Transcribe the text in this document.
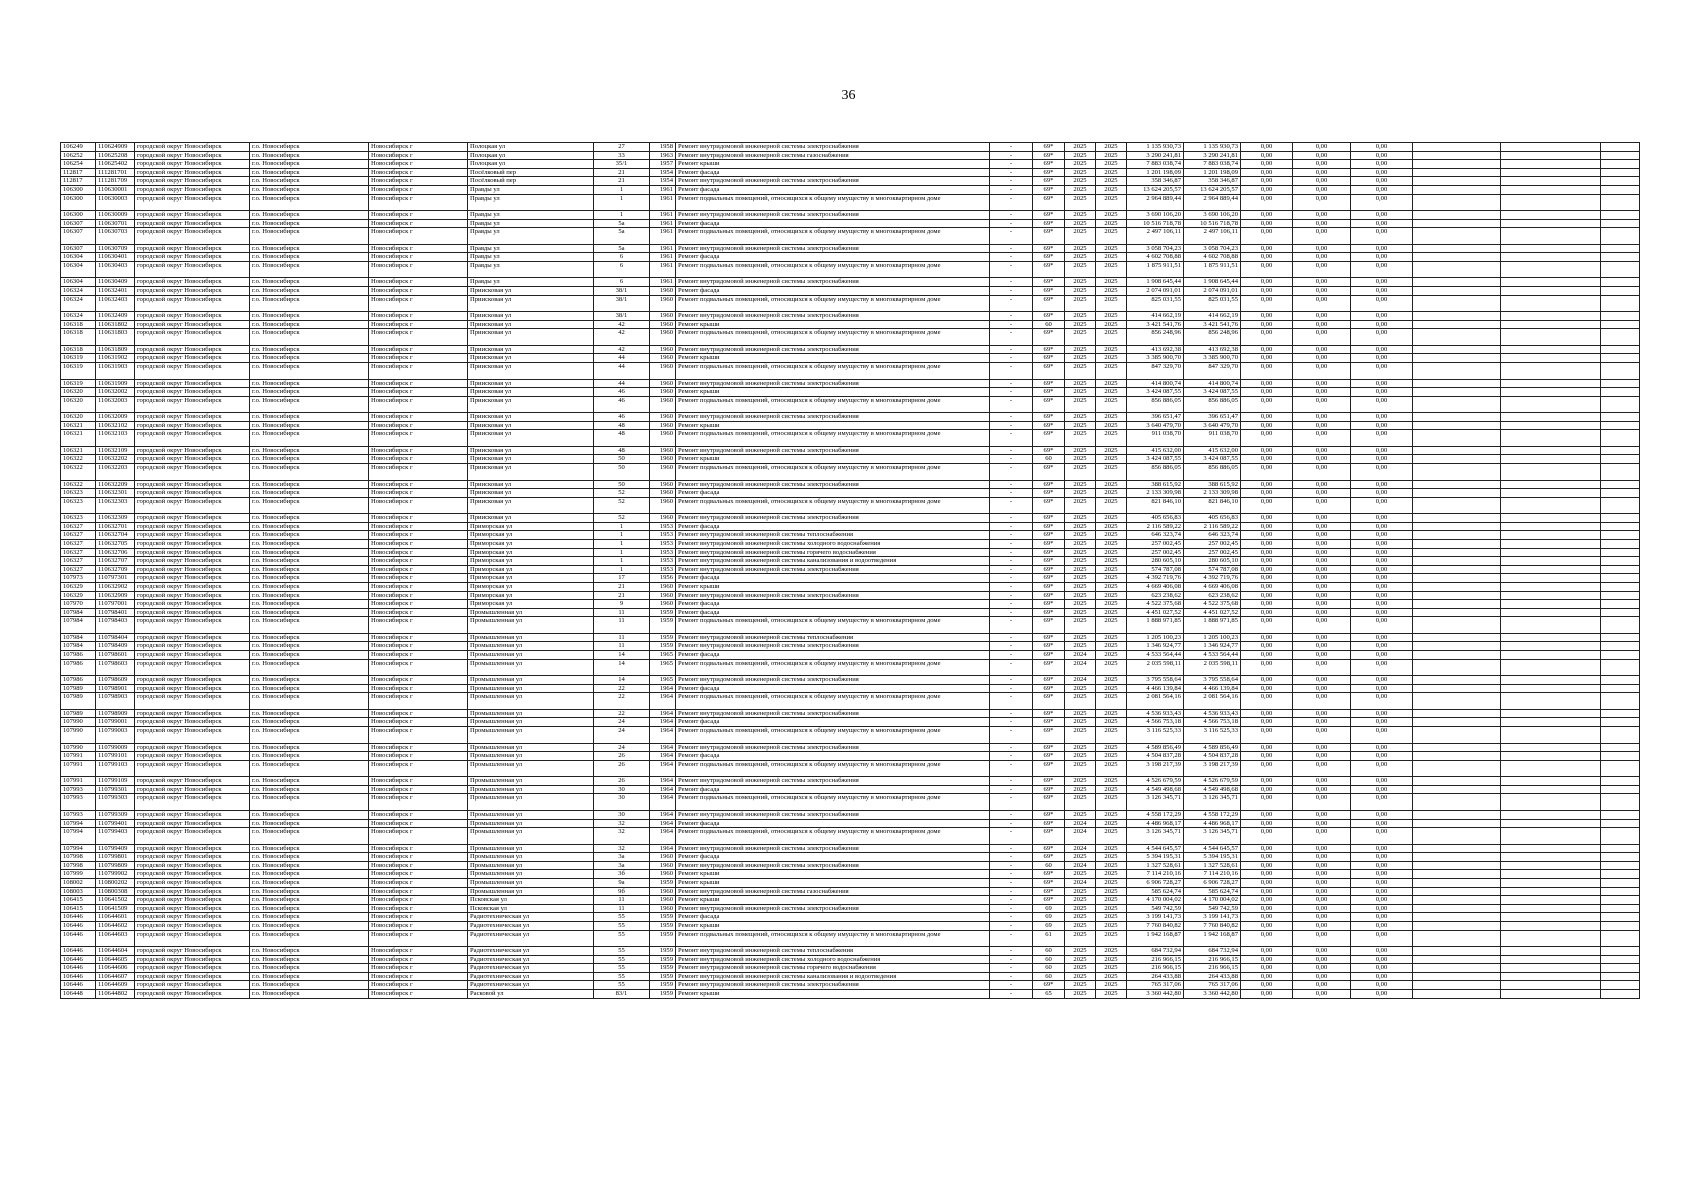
36
106249	110624909	городской округ Новосибирск	г.о. Новосибирск	Новосибирск г	Полоцкая ул	27	1958	Ремонт внутридомовой инженерной системы электроснабжения	-	69*	2025	2025	1 135 930,73	1 135 930,73	0,00	0,00	0,00			
106252	110625208	городской округ Новосибирск	г.о. Новосибирск	Новосибирск г	Полоцкая ул	33	1963	Ремонт внутридомовой инженерной системы газоснабжения	-	69*	2025	2025	3 290 241,81	3 290 241,81	0,00	0,00	0,00			
106254	110625402	городской округ Новосибирск	г.о. Новосибирск	Новосибирск г	Полоцкая ул	35/1	1957	Ремонт крыши	-	69*	2025	2025	7 883 038,74	7 883 038,74	0,00	0,00	0,00			
112817	111281701	городской округ Новосибирск	г.о. Новосибирск	Новосибирск г	Посёлковый пер	21	1954	Ремонт фасада	-	69*	2025	2025	1 201 198,09	1 201 198,09	0,00	0,00	0,00			
112817	111281709	городской округ Новосибирск	г.о. Новосибирск	Новосибирск г	Посёлковый пер	21	1954	Ремонт внутридомовой инженерной системы электроснабжения	-	69*	2025	2025	358 346,87	358 346,87	0,00	0,00	0,00			
106300	110630001	городской округ Новосибирск	г.о. Новосибирск	Новосибирск г	Правды ул	1	1961	Ремонт фасада	-	69*	2025	2025	13 624 205,57	13 624 205,57	0,00	0,00	0,00			
106300	110630003	городской округ Новосибирск	г.о. Новосибирск	Новосибирск г	Правды ул	1	1961	Ремонт подвальных помещений, относящихся к общему имуществу в многоквартирном доме	-	69*	2025	2025	2 964 889,44	2 964 889,44	0,00	0,00	0,00			
106300	110630009	городской округ Новосибирск	г.о. Новосибирск	Новосибирск г	Правды ул	1	1961	Ремонт внутридомовой инженерной системы электроснабжения	-	69*	2025	2025	3 690 106,20	3 690 106,20	0,00	0,00	0,00			
106307	110630701	городской округ Новосибирск	г.о. Новосибирск	Новосибирск г	Правды ул	5а	1961	Ремонт фасада	-	69*	2025	2025	10 516 718,78	10 516 718,78	0,00	0,00	0,00			
106307	110630703	городской округ Новосибирск	г.о. Новосибирск	Новосибирск г	Правды ул	5а	1961	Ремонт подвальных помещений, относящихся к общему имуществу в многоквартирном доме	-	69*	2025	2025	2 497 106,11	2 497 106,11	0,00	0,00	0,00			
106307	110630709	городской округ Новосибирск	г.о. Новосибирск	Новосибирск г	Правды ул	5а	1961	Ремонт внутридомовой инженерной системы электроснабжения	-	69*	2025	2025	3 058 704,23	3 058 704,23	0,00	0,00	0,00			
106304	110630401	городской округ Новосибирск	г.о. Новосибирск	Новосибирск г	Правды ул	6	1961	Ремонт фасада	-	69*	2025	2025	4 602 708,88	4 602 708,88	0,00	0,00	0,00			
106304	110630403	городской округ Новосибирск	г.о. Новосибирск	Новосибирск г	Правды ул	6	1961	Ремонт подвальных помещений, относящихся к общему имуществу в многоквартирном доме	-	69*	2025	2025	1 875 911,51	1 875 911,51	0,00	0,00	0,00			
106304	110630409	городской округ Новосибирск	г.о. Новосибирск	Новосибирск г	Правды ул	6	1961	Ремонт внутридомовой инженерной системы электроснабжения	-	69*	2025	2025	1 908 645,44	1 908 645,44	0,00	0,00	0,00			
106324	110632401	городской округ Новосибирск	г.о. Новосибирск	Новосибирск г	Приисковая ул	38/1	1960	Ремонт фасада	-	69*	2025	2025	2 074 091,01	2 074 091,01	0,00	0,00	0,00			
106324	110632403	городской округ Новосибирск	г.о. Новосибирск	Новосибирск г	Приисковая ул	38/1	1960	Ремонт подвальных помещений, относящихся к общему имуществу в многоквартирном доме	-	69*	2025	2025	825 031,55	825 031,55	0,00	0,00	0,00			
106324	110632409	городской округ Новосибирск	г.о. Новосибирск	Новосибирск г	Приисковая ул	38/1	1960	Ремонт внутридомовой инженерной системы электроснабжения	-	69*	2025	2025	414 662,19	414 662,19	0,00	0,00	0,00			
106318	110631802	городской округ Новосибирск	г.о. Новосибирск	Новосибирск г	Приисковая ул	42	1960	Ремонт крыши	-	60	2025	2025	3 421 541,76	3 421 541,76	0,00	0,00	0,00			
106318	110631803	городской округ Новосибирск	г.о. Новосибирск	Новосибирск г	Приисковая ул	42	1960	Ремонт подвальных помещений, относящихся к общему имуществу в многоквартирном доме	-	69*	2025	2025	856 248,96	856 248,96	0,00	0,00	0,00			
106318	110631809	городской округ Новосибирск	г.о. Новосибирск	Новосибирск г	Приисковая ул	42	1960	Ремонт внутридомовой инженерной системы электроснабжения	-	69*	2025	2025	413 692,38	413 692,38	0,00	0,00	0,00			
106319	110631902	городской округ Новосибирск	г.о. Новосибирск	Новосибирск г	Приисковая ул	44	1960	Ремонт крыши	-	69*	2025	2025	3 385 900,70	3 385 900,70	0,00	0,00	0,00			
106319	110631903	городской округ Новосибирск	г.о. Новосибирск	Новосибирск г	Приисковая ул	44	1960	Ремонт подвальных помещений, относящихся к общему имуществу в многоквартирном доме	-	69*	2025	2025	847 329,70	847 329,70	0,00	0,00	0,00			
106319	110631909	городской округ Новосибирск	г.о. Новосибирск	Новосибирск г	Приисковая ул	44	1960	Ремонт внутридомовой инженерной системы электроснабжения	-	69*	2025	2025	414 800,74	414 800,74	0,00	0,00	0,00			
106320	110632002	городской округ Новосибирск	г.о. Новосибирск	Новосибирск г	Приисковая ул	46	1960	Ремонт крыши	-	69*	2025	2025	3 424 087,55	3 424 087,55	0,00	0,00	0,00			
106320	110632003	городской округ Новосибирск	г.о. Новосибирск	Новосибирск г	Приисковая ул	46	1960	Ремонт подвальных помещений, относящихся к общему имуществу в многоквартирном доме	-	69*	2025	2025	856 886,05	856 886,05	0,00	0,00	0,00			
106320	110632009	городской округ Новосибирск	г.о. Новосибирск	Новосибирск г	Приисковая ул	46	1960	Ремонт внутридомовой инженерной системы электроснабжения	-	69*	2025	2025	396 651,47	396 651,47	0,00	0,00	0,00			
106321	110632102	городской округ Новосибирск	г.о. Новосибирск	Новосибирск г	Приисковая ул	48	1960	Ремонт крыши	-	69*	2025	2025	3 640 479,70	3 640 479,70	0,00	0,00	0,00			
106321	110632103	городской округ Новосибирск	г.о. Новосибирск	Новосибирск г	Приисковая ул	48	1960	Ремонт подвальных помещений, относящихся к общему имуществу в многоквартирном доме	-	69*	2025	2025	911 038,70	911 038,70	0,00	0,00	0,00			
106321	110632109	городской округ Новосибирск	г.о. Новосибирск	Новосибирск г	Приисковая ул	48	1960	Ремонт внутридомовой инженерной системы электроснабжения	-	69*	2025	2025	415 632,00	415 632,00	0,00	0,00	0,00			
106322	110632202	городской округ Новосибирск	г.о. Новосибирск	Новосибирск г	Приисковая ул	50	1960	Ремонт крыши	-	60	2025	2025	3 424 087,55	3 424 087,55	0,00	0,00	0,00			
106322	110632203	городской округ Новосибирск	г.о. Новосибирск	Новосибирск г	Приисковая ул	50	1960	Ремонт подвальных помещений, относящихся к общему имуществу в многоквартирном доме	-	69*	2025	2025	856 886,05	856 886,05	0,00	0,00	0,00			
106322	110632209	городской округ Новосибирск	г.о. Новосибирск	Новосибирск г	Приисковая ул	50	1960	Ремонт внутридомовой инженерной системы электроснабжения	-	69*	2025	2025	388 615,92	388 615,92	0,00	0,00	0,00			
106323	110632301	городской округ Новосибирск	г.о. Новосибирск	Новосибирск г	Приисковая ул	52	1960	Ремонт фасада	-	69*	2025	2025	2 133 309,98	2 133 309,98	0,00	0,00	0,00			
106323	110632303	городской округ Новосибирск	г.о. Новосибирск	Новосибирск г	Приисковая ул	52	1960	Ремонт подвальных помещений, относящихся к общему имуществу в многоквартирном доме	-	69*	2025	2025	821 846,10	821 846,10	0,00	0,00	0,00			
106323	110632309	городской округ Новосибирск	г.о. Новосибирск	Новосибирск г	Приисковая ул	52	1960	Ремонт внутридомовой инженерной системы электроснабжения	-	69*	2025	2025	405 656,83	405 656,83	0,00	0,00	0,00			
106327	110632701	городской округ Новосибирск	г.о. Новосибирск	Новосибирск г	Приморская ул	1	1953	Ремонт фасада	-	69*	2025	2025	2 116 589,22	2 116 589,22	0,00	0,00	0,00			
106327	110632704	городской округ Новосибирск	г.о. Новосибирск	Новосибирск г	Приморская ул	1	1953	Ремонт внутридомовой инженерной системы теплоснабжения	-	69*	2025	2025	646 323,74	646 323,74	0,00	0,00	0,00			
106327	110632705	городской округ Новосибирск	г.о. Новосибирск	Новосибирск г	Приморская ул	1	1953	Ремонт внутридомовой инженерной системы холодного водоснабжения	-	69*	2025	2025	257 002,45	257 002,45	0,00	0,00	0,00			
106327	110632706	городской округ Новосибирск	г.о. Новосибирск	Новосибирск г	Приморская ул	1	1953	Ремонт внутридомовой инженерной системы горячего водоснабжения	-	69*	2025	2025	257 002,45	257 002,45	0,00	0,00	0,00			
106327	110632707	городской округ Новосибирск	г.о. Новосибирск	Новосибирск г	Приморская ул	1	1953	Ремонт внутридомовой инженерной системы канализования и водоотведения	-	69*	2025	2025	280 605,10	280 605,10	0,00	0,00	0,00			
106327	110632709	городской округ Новосибирск	г.о. Новосибирск	Новосибирск г	Приморская ул	1	1953	Ремонт внутридомовой инженерной системы электроснабжения	-	69*	2025	2025	574 787,08	574 787,08	0,00	0,00	0,00			
107973	110797301	городской округ Новосибирск	г.о. Новосибирск	Новосибирск г	Приморская ул	17	1956	Ремонт фасада	-	69*	2025	2025	4 392 719,76	4 392 719,76	0,00	0,00	0,00			
106329	110632902	городской округ Новосибирск	г.о. Новосибирск	Новосибирск г	Приморская ул	21	1960	Ремонт крыши	-	69*	2025	2025	4 669 406,08	4 669 406,08	0,00	0,00	0,00			
106329	110632909	городской округ Новосибирск	г.о. Новосибирск	Новосибирск г	Приморская ул	21	1960	Ремонт внутридомовой инженерной системы электроснабжения	-	69*	2025	2025	623 238,62	623 238,62	0,00	0,00	0,00			
107970	110797001	городской округ Новосибирск	г.о. Новосибирск	Новосибирск г	Приморская ул	9	1960	Ремонт фасада	-	69*	2025	2025	4 522 375,68	4 522 375,68	0,00	0,00	0,00			
107984	110798401	городской округ Новосибирск	г.о. Новосибирск	Новосибирск г	Промышленная ул	11	1959	Ремонт фасада	-	69*	2025	2025	4 451 027,52	4 451 027,52	0,00	0,00	0,00			
107984	110798403	городской округ Новосибирск	г.о. Новосибирск	Новосибирск г	Промышленная ул	11	1959	Ремонт подвальных помещений, относящихся к общему имуществу в многоквартирном доме	-	69*	2025	2025	1 888 971,85	1 888 971,85	0,00	0,00	0,00			
107984	110798404	городской округ Новосибирск	г.о. Новосибирск	Новосибирск г	Промышленная ул	11	1959	Ремонт внутридомовой инженерной системы теплоснабжения	-	69*	2025	2025	1 205 100,23	1 205 100,23	0,00	0,00	0,00			
107984	110798409	городской округ Новосибирск	г.о. Новосибирск	Новосибирск г	Промышленная ул	11	1959	Ремонт внутридомовой инженерной системы электроснабжения	-	69*	2025	2025	1 346 924,77	1 346 924,77	0,00	0,00	0,00			
107986	110798601	городской округ Новосибирск	г.о. Новосибирск	Новосибирск г	Промышленная ул	14	1965	Ремонт фасада	-	69*	2024	2025	4 533 564,44	4 533 564,44	0,00	0,00	0,00			
107986	110798603	городской округ Новосибирск	г.о. Новосибирск	Новосибирск г	Промышленная ул	14	1965	Ремонт подвальных помещений, относящихся к общему имуществу в многоквартирном доме	-	69*	2024	2025	2 035 598,11	2 035 598,11	0,00	0,00	0,00			
107986	110798609	городской округ Новосибирск	г.о. Новосибирск	Новосибирск г	Промышленная ул	14	1965	Ремонт внутридомовой инженерной системы электроснабжения	-	69*	2024	2025	3 795 558,64	3 795 558,64	0,00	0,00	0,00			
107989	110798901	городской округ Новосибирск	г.о. Новосибирск	Новосибирск г	Промышленная ул	22	1964	Ремонт фасада	-	69*	2025	2025	4 466 139,84	4 466 139,84	0,00	0,00	0,00			
107989	110798903	городской округ Новосибирск	г.о. Новосибирск	Новосибирск г	Промышленная ул	22	1964	Ремонт подвальных помещений, относящихся к общему имуществу в многоквартирном доме	-	69*	2025	2025	2 081 564,16	2 081 564,16	0,00	0,00	0,00			
107989	110798909	городской округ Новосибирск	г.о. Новосибирск	Новосибирск г	Промышленная ул	22	1964	Ремонт внутридомовой инженерной системы электроснабжения	-	69*	2025	2025	4 536 933,43	4 536 933,43	0,00	0,00	0,00			
107990	110799001	городской округ Новосибирск	г.о. Новосибирск	Новосибирск г	Промышленная ул	24	1964	Ремонт фасада	-	69*	2025	2025	4 566 753,18	4 566 753,18	0,00	0,00	0,00			
107990	110799003	городской округ Новосибирск	г.о. Новосибирск	Новосибирск г	Промышленная ул	24	1964	Ремонт подвальных помещений, относящихся к общему имуществу в многоквартирном доме	-	69*	2025	2025	3 116 525,33	3 116 525,33	0,00	0,00	0,00			
107990	110799009	городской округ Новосибирск	г.о. Новосибирск	Новосибирск г	Промышленная ул	24	1964	Ремонт внутридомовой инженерной системы электроснабжения	-	69*	2025	2025	4 589 856,49	4 589 856,49	0,00	0,00	0,00			
107991	110799101	городской округ Новосибирск	г.о. Новосибирск	Новосибирск г	Промышленная ул	26	1964	Ремонт фасада	-	69*	2025	2025	4 504 837,28	4 504 837,28	0,00	0,00	0,00			
107991	110799103	городской округ Новосибирск	г.о. Новосибирск	Новосибирск г	Промышленная ул	26	1964	Ремонт подвальных помещений, относящихся к общему имуществу в многоквартирном доме	-	69*	2025	2025	3 198 217,39	3 198 217,39	0,00	0,00	0,00			
107991	110799109	городской округ Новосибирск	г.о. Новосибирск	Новосибирск г	Промышленная ул	26	1964	Ремонт внутридомовой инженерной системы электроснабжения	-	69*	2025	2025	4 526 679,59	4 526 679,59	0,00	0,00	0,00			
107993	110799301	городской округ Новосибирск	г.о. Новосибирск	Новосибирск г	Промышленная ул	30	1964	Ремонт фасада	-	69*	2025	2025	4 549 498,68	4 549 498,68	0,00	0,00	0,00			
107993	110799303	городской округ Новосибирск	г.о. Новосибирск	Новосибирск г	Промышленная ул	30	1964	Ремонт подвальных помещений, относящихся к общему имуществу в многоквартирном доме	-	69*	2025	2025	3 126 345,71	3 126 345,71	0,00	0,00	0,00			
107993	110799309	городской округ Новосибирск	г.о. Новосибирск	Новосибирск г	Промышленная ул	30	1964	Ремонт внутридомовой инженерной системы электроснабжения	-	69*	2025	2025	4 558 172,29	4 558 172,29	0,00	0,00	0,00			
107994	110799401	городской округ Новосибирск	г.о. Новосибирск	Новосибирск г	Промышленная ул	32	1964	Ремонт фасада	-	69*	2024	2025	4 486 968,17	4 486 968,17	0,00	0,00	0,00			
107994	110799403	городской округ Новосибирск	г.о. Новосибирск	Новосибирск г	Промышленная ул	32	1964	Ремонт подвальных помещений, относящихся к общему имуществу в многоквартирном доме	-	69*	2024	2025	3 126 345,71	3 126 345,71	0,00	0,00	0,00			
107994	110799409	городской округ Новосибирск	г.о. Новосибирск	Новосибирск г	Промышленная ул	32	1964	Ремонт внутридомовой инженерной системы электроснабжения	-	69*	2024	2025	4 544 645,57	4 544 645,57	0,00	0,00	0,00			
107998	110799801	городской округ Новосибирск	г.о. Новосибирск	Новосибирск г	Промышленная ул	3а	1960	Ремонт фасада	-	69*	2025	2025	5 394 195,31	5 394 195,31	0,00	0,00	0,00			
107998	110799809	городской округ Новосибирск	г.о. Новосибирск	Новосибирск г	Промышленная ул	3а	1960	Ремонт внутридомовой инженерной системы электроснабжения	-	60	2024	2025	1 327 528,61	1 327 528,61	0,00	0,00	0,00			
107999	110799902	городской округ Новосибирск	г.о. Новосибирск	Новосибирск г	Промышленная ул	3б	1960	Ремонт крыши	-	69*	2025	2025	7 114 210,16	7 114 210,16	0,00	0,00	0,00			
108002	110800202	городской округ Новосибирск	г.о. Новосибирск	Новосибирск г	Промышленная ул	9а	1959	Ремонт крыши	-	69*	2024	2025	6 906 728,27	6 906 728,27	0,00	0,00	0,00			
108003	110800308	городской округ Новосибирск	г.о. Новосибирск	Новосибирск г	Промышленная ул	9б	1960	Ремонт внутридомовой инженерной системы газоснабжения	-	69*	2025	2025	585 624,74	585 624,74	0,00	0,00	0,00			
106415	110641502	городской округ Новосибирск	г.о. Новосибирск	Новосибирск г	Псковская ул	11	1960	Ремонт крыши	-	69*	2025	2025	4 170 004,02	4 170 004,02	0,00	0,00	0,00			
106415	110641509	городской округ Новосибирск	г.о. Новосибирск	Новосибирск г	Псковская ул	11	1960	Ремонт внутридомовой инженерной системы электроснабжения	-	69	2025	2025	549 742,59	549 742,59	0,00	0,00	0,00			
106446	110644601	городской округ Новосибирск	г.о. Новосибирск	Новосибирск г	Радиотехническая ул	55	1959	Ремонт фасада	-	69	2025	2025	3 199 141,73	3 199 141,73	0,00	0,00	0,00			
106446	110644602	городской округ Новосибирск	г.о. Новосибирск	Новосибирск г	Радиотехническая ул	55	1959	Ремонт крыши	-	69	2025	2025	7 760 840,82	7 760 840,82	0,00	0,00	0,00			
106446	110644603	городской округ Новосибирск	г.о. Новосибирск	Новосибирск г	Радиотехническая ул	55	1959	Ремонт подвальных помещений, относящихся к общему имуществу в многоквартирном доме	-	61	2025	2025	1 942 168,87	1 942 168,87	0,00	0,00	0,00			
106446	110644604	городской округ Новосибирск	г.о. Новосибирск	Новосибирск г	Радиотехническая ул	55	1959	Ремонт внутридомовой инженерной системы теплоснабжения	-	60	2025	2025	684 732,94	684 732,94	0,00	0,00	0,00			
106446	110644605	городской округ Новосибирск	г.о. Новосибирск	Новосибирск г	Радиотехническая ул	55	1959	Ремонт внутридомовой инженерной системы холодного водоснабжения	-	60	2025	2025	216 966,15	216 966,15	0,00	0,00	0,00			
106446	110644606	городской округ Новосибирск	г.о. Новосибирск	Новосибирск г	Радиотехническая ул	55	1959	Ремонт внутридомовой инженерной системы горячего водоснабжения	-	60	2025	2025	216 966,15	216 966,15	0,00	0,00	0,00			
106446	110644607	городской округ Новосибирск	г.о. Новосибирск	Новосибирск г	Радиотехническая ул	55	1959	Ремонт внутридомовой инженерной системы канализования и водоотведения	-	60	2025	2025	264 433,88	264 433,88	0,00	0,00	0,00			
106446	110644609	городской округ Новосибирск	г.о. Новосибирск	Новосибирск г	Радиотехническая ул	55	1959	Ремонт внутридомовой инженерной системы электроснабжения	-	69*	2025	2025	765 317,06	765 317,06	0,00	0,00	0,00			
106448	110644802	городской округ Новосибирск	г.о. Новосибирск	Новосибирск г	Расковой ул	83/1	1959	Ремонт крыши	-	65	2025	2025	3 360 442,80	3 360 442,80	0,00	0,00	0,00			
